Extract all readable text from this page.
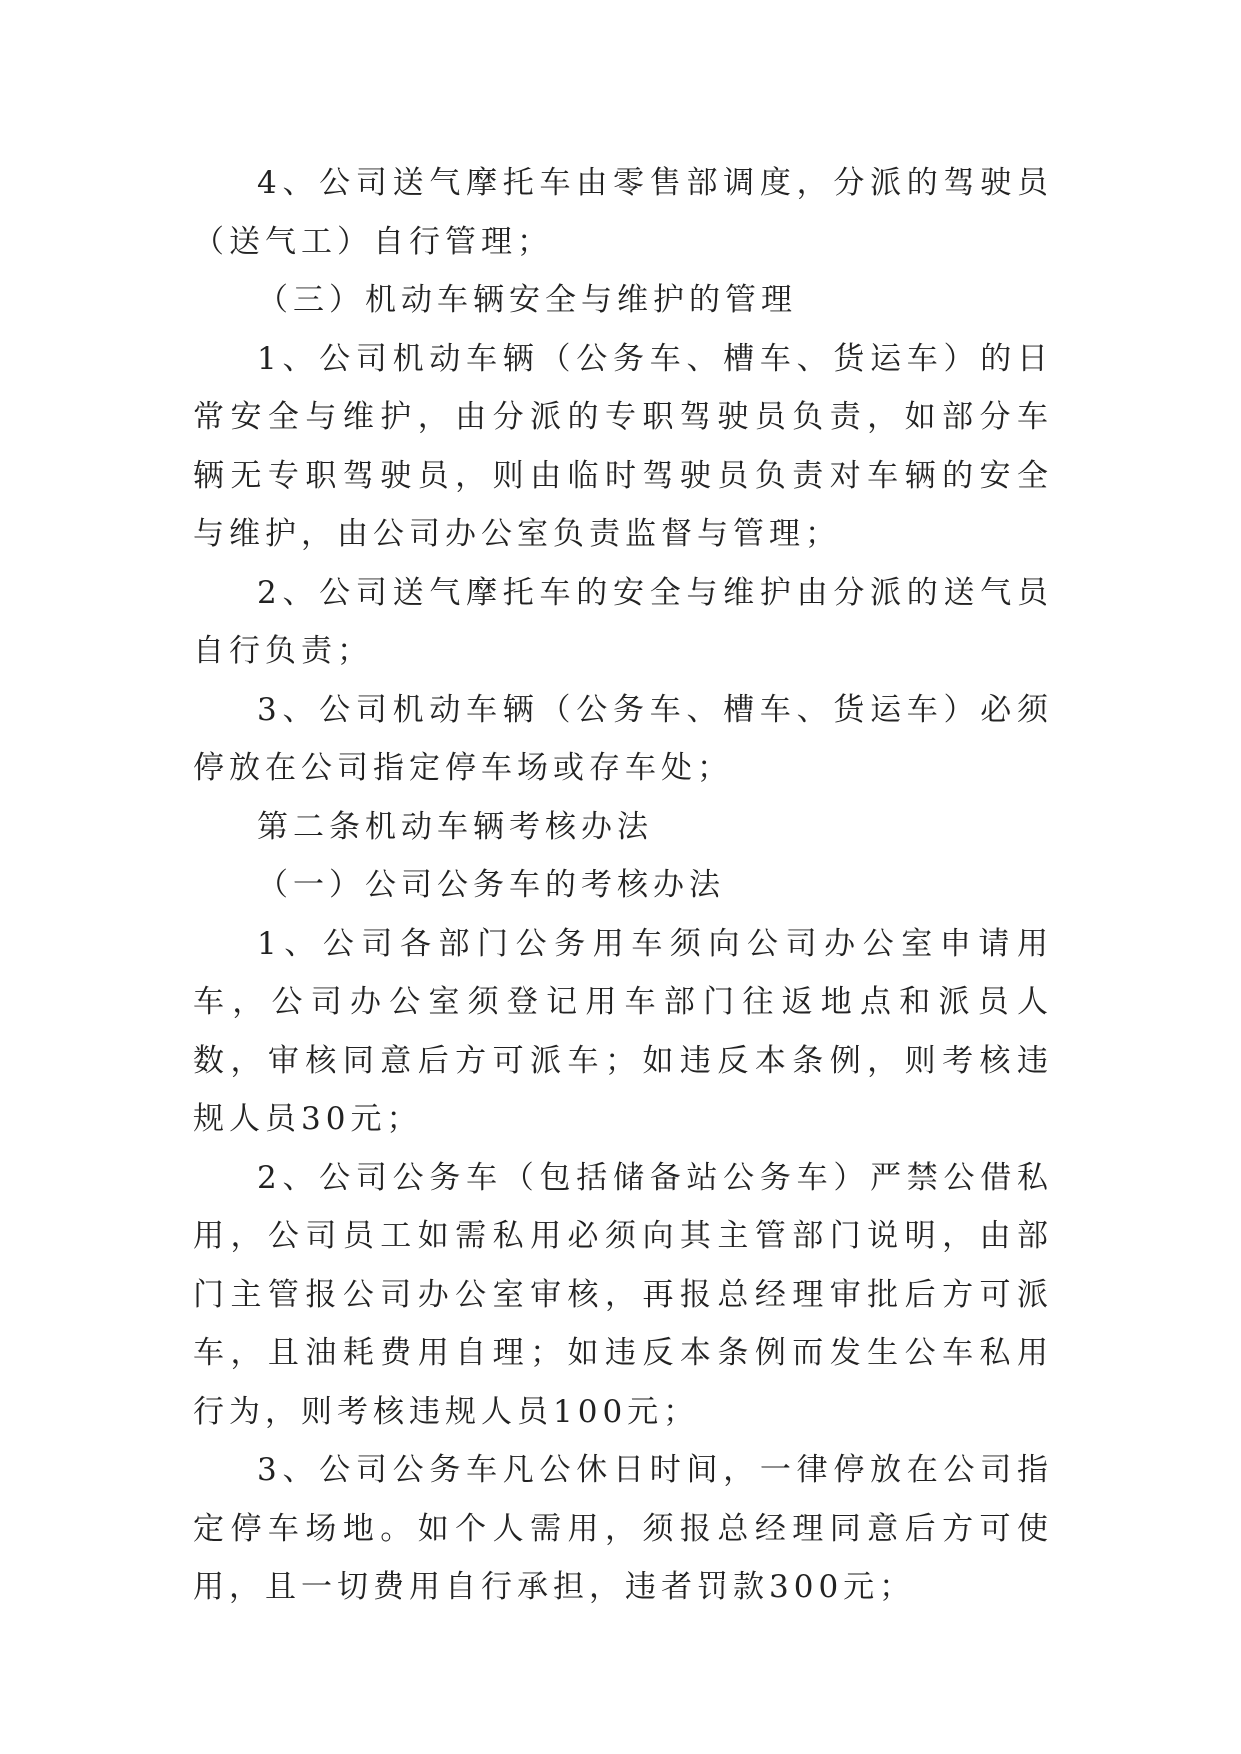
4、公司送气摩托车由零售部调度，分派的驾驶员（送气工）自行管理；

（三）机动车辆安全与维护的管理

1、公司机动车辆（公务车、槽车、货运车）的日常安全与维护，由分派的专职驾驶员负责，如部分车辆无专职驾驶员，则由临时驾驶员负责对车辆的安全与维护，由公司办公室负责监督与管理；

2、公司送气摩托车的安全与维护由分派的送气员自行负责；

3、公司机动车辆（公务车、槽车、货运车）必须停放在公司指定停车场或存车处；

第二条机动车辆考核办法

（一）公司公务车的考核办法

1、公司各部门公务用车须向公司办公室申请用车，公司办公室须登记用车部门往返地点和派员人数，审核同意后方可派车；如违反本条例，则考核违规人员30元；

2、公司公务车（包括储备站公务车）严禁公借私用，公司员工如需私用必须向其主管部门说明，由部门主管报公司办公室审核，再报总经理审批后方可派车，且油耗费用自理；如违反本条例而发生公车私用行为，则考核违规人员100元；

3、公司公务车凡公休日时间，一律停放在公司指定停车场地。如个人需用，须报总经理同意后方可使用，且一切费用自行承担，违者罚款300元；
